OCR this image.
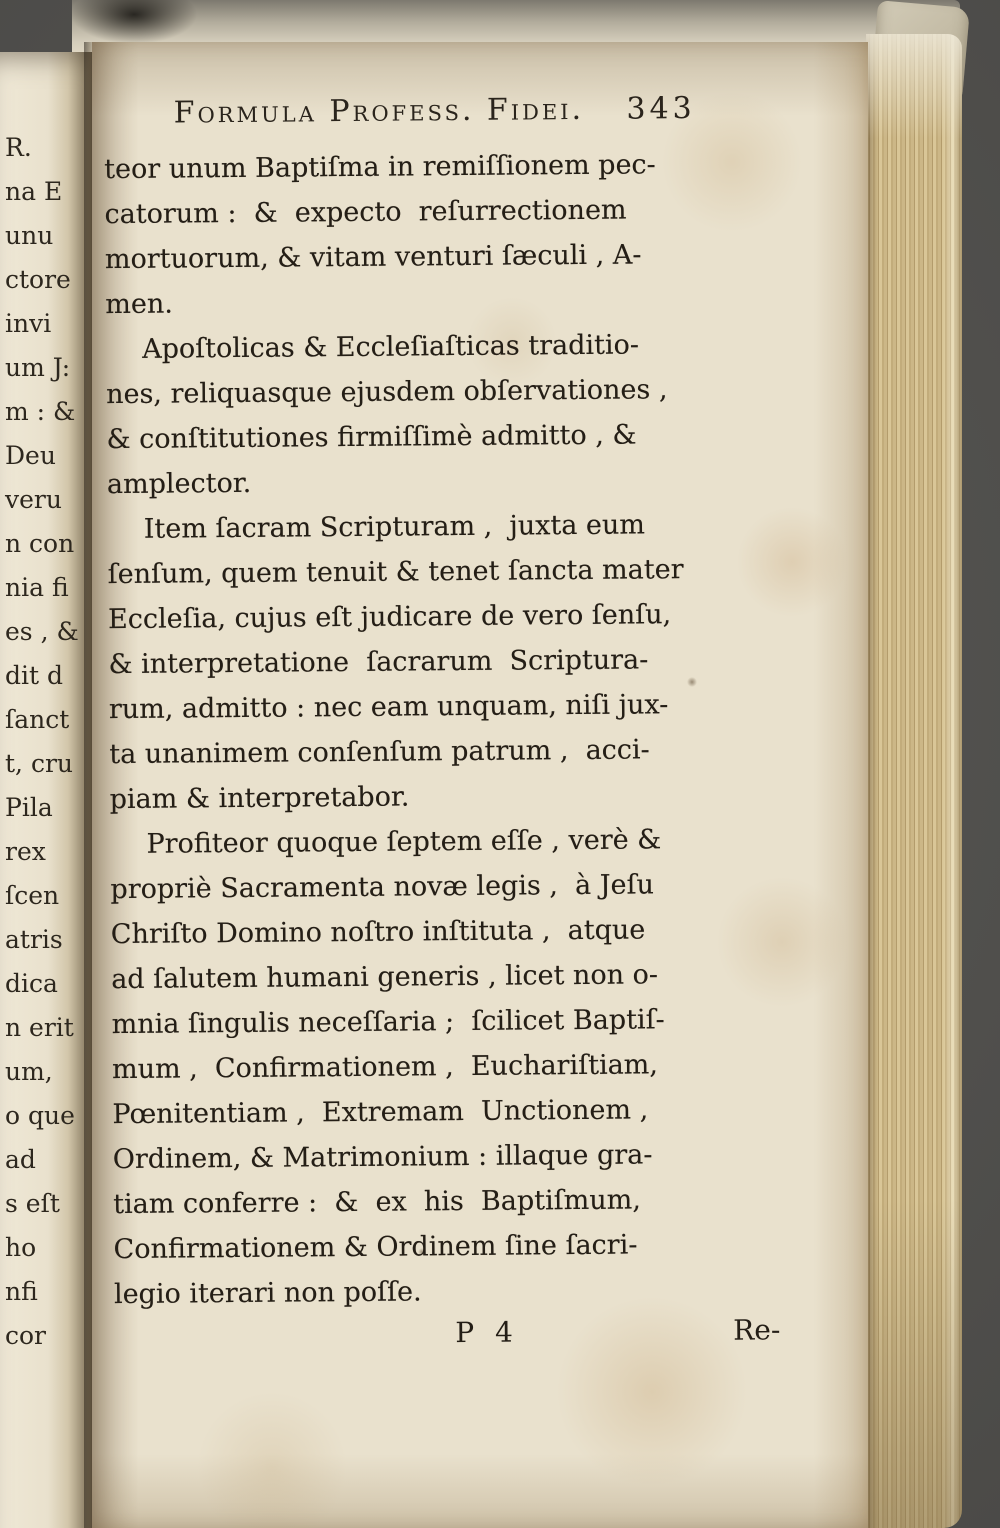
R.
na E
unu
ctore
invi
um J:
m : &
Deu
veru
n con
nia fi
es , &
dit d
ſanct
t, cru
Pila
rex
ſcen
atris
dica
n erit
um,
o que
ad
s eſt
ho
nfi
cor
Formula Profess. Fidei. 343

teor unum Baptiſma in remiſſionem pec-
catorum :  &  expecto  reſurrectionem
mortuorum, & vitam venturi ſæculi , A-
men.

Apoſtolicas & Eccleſiaſticas traditio-
nes, reliquasque ejusdem obſervationes ,
& conſtitutiones firmiſſimè admitto , &
amplector.

Item ſacram Scripturam ,  juxta eum
ſenſum, quem tenuit & tenet ſancta mater
Eccleſia, cujus eſt judicare de vero ſenſu,
& interpretatione  ſacrarum  Scriptura-
rum, admitto : nec eam unquam, niſi jux-
ta unanimem conſenſum patrum ,  acci-
piam & interpretabor.

Profiteor quoque ſeptem eſſe , verè &
propriè Sacramenta novæ legis ,  à Jeſu
Chriſto Domino noſtro inſtituta ,  atque
ad ſalutem humani generis , licet non o-
mnia ſingulis neceſſaria ;  ſcilicet Baptiſ-
mum ,  Confirmationem ,  Euchariſtiam,
Pœnitentiam ,  Extremam  Unctionem ,
Ordinem, & Matrimonium : illaque gra-
tiam conferre :  &  ex  his  Baptiſmum,
Confirmationem & Ordinem ſine ſacri-
legio iterari non poſſe.

P 4	Re-
